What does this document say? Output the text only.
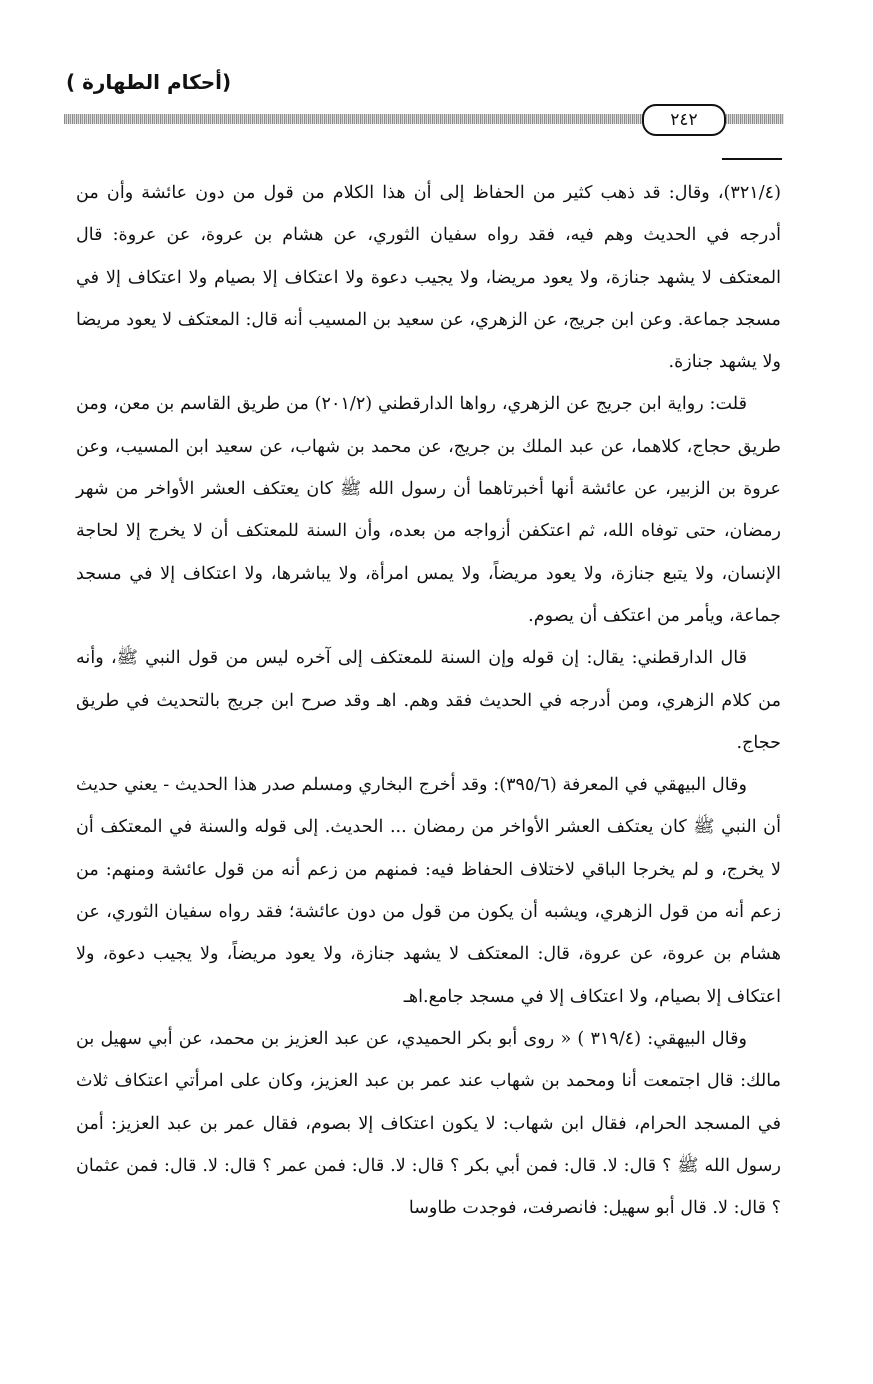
(أحكام الطهارة )
٢٤٢

(٣٢١/٤)، وقال: قد ذهب كثير من الحفاظ إلى أن هذا الكلام من قول من دون عائشة وأن من أدرجه في الحديث وهم فيه، فقد رواه سفيان الثوري، عن هشام بن عروة، عن عروة: قال المعتكف لا يشهد جنازة، ولا يعود مريضا، ولا يجيب دعوة ولا اعتكاف إلا بصيام ولا اعتكاف إلا في مسجد جماعة. وعن ابن جريج، عن الزهري، عن سعيد بن المسيب أنه قال: المعتكف لا يعود مريضا ولا يشهد جنازة.

قلت: رواية ابن جريج عن الزهري، رواها الدارقطني (٢٠١/٢) من طريق القاسم بن معن، ومن طريق حجاج، كلاهما، عن عبد الملك بن جريج، عن محمد بن شهاب، عن سعيد ابن المسيب، وعن عروة بن الزبير، عن عائشة أنها أخبرتاهما أن رسول الله ﷺ كان يعتكف العشر الأواخر من شهر رمضان، حتى توفاه الله، ثم اعتكفن أزواجه من بعده، وأن السنة للمعتكف أن لا يخرج إلا لحاجة الإنسان، ولا يتبع جنازة، ولا يعود مريضاً، ولا يمس امرأة، ولا يباشرها، ولا اعتكاف إلا في مسجد جماعة، ويأمر من اعتكف أن يصوم.

قال الدارقطني: يقال: إن قوله وإن السنة للمعتكف إلى آخره ليس من قول النبي ﷺ، وأنه من كلام الزهري، ومن أدرجه في الحديث فقد وهم. اهـ وقد صرح ابن جريج بالتحديث في طريق حجاج.

وقال البيهقي في المعرفة (٣٩٥/٦): وقد أخرج البخاري ومسلم صدر هذا الحديث - يعني حديث أن النبي ﷺ كان يعتكف العشر الأواخر من رمضان ... الحديث. إلى قوله والسنة في المعتكف أن لا يخرج، و لم يخرجا الباقي لاختلاف الحفاظ فيه: فمنهم من زعم أنه من قول عائشة ومنهم: من زعم أنه من قول الزهري، ويشبه أن يكون من قول من دون عائشة؛ فقد رواه سفيان الثوري، عن هشام بن عروة، عن عروة، قال: المعتكف لا يشهد جنازة، ولا يعود مريضاً، ولا يجيب دعوة، ولا اعتكاف إلا بصيام، ولا اعتكاف إلا في مسجد جامع.اهـ

وقال البيهقي: (٣١٩/٤ ) « روى أبو بكر الحميدي، عن عبد العزيز بن محمد، عن أبي سهيل بن مالك: قال اجتمعت أنا ومحمد بن شهاب عند عمر بن عبد العزيز، وكان على امرأتي اعتكاف ثلاث في المسجد الحرام، فقال ابن شهاب: لا يكون اعتكاف إلا بصوم، فقال عمر بن عبد العزيز: أمن رسول الله ﷺ ؟ قال: لا. قال: فمن أبي بكر ؟ قال: لا. قال: فمن عمر ؟ قال: لا. قال: فمن عثمان ؟ قال: لا. قال أبو سهيل: فانصرفت، فوجدت طاوسا
